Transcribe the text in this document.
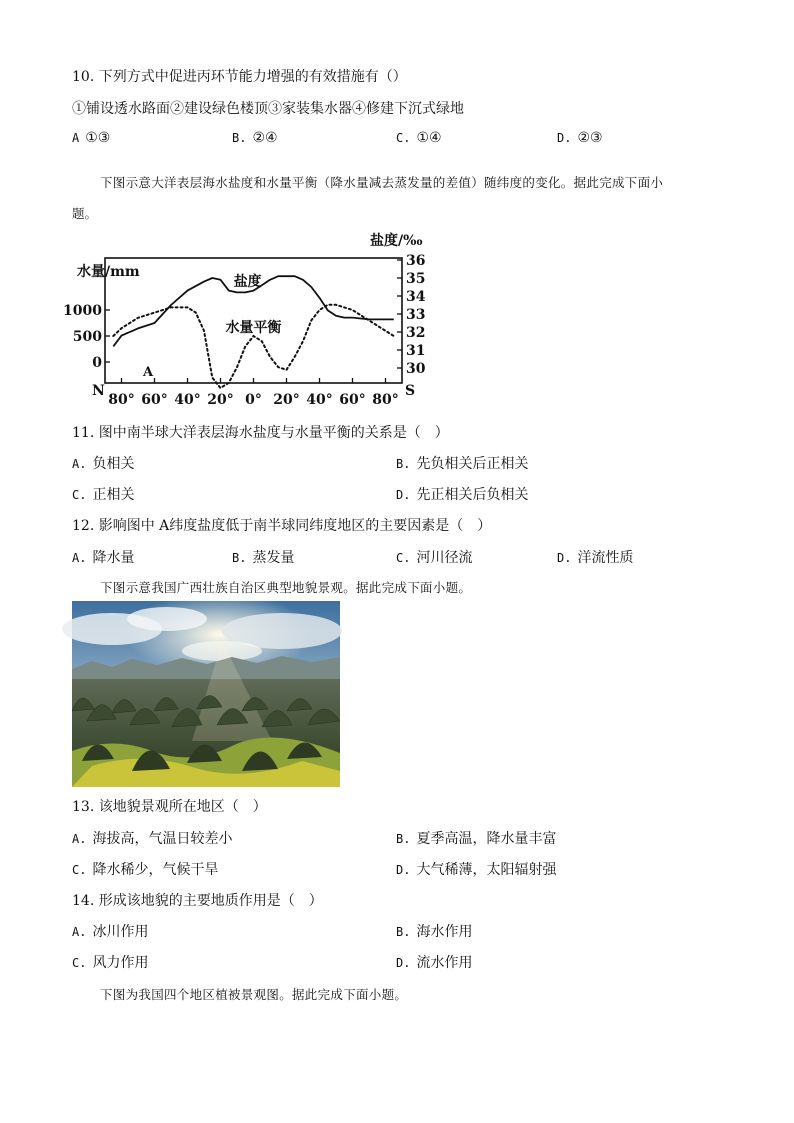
10. 下列方式中促进丙环节能力增强的有效措施有（）
①铺设透水路面②建设绿色楼顶③家装集水器④修建下沉式绿地
A ①③	B. ②④	C. ①④	D. ②③
下图示意大洋表层海水盐度和水量平衡（降水量减去蒸发量的差值）随纬度的变化。据此完成下面小
题。
1000
500
0
水量/mm
36
35
34
33
32
31
30
盐度/‰
80° 60° 40° 20° 0° 20° 40° 60° 80°
N	S
A
盐度
水量平衡
11. 图中南半球大洋表层海水盐度与水量平衡的关系是（　）
A. 负相关	B. 先负相关后正相关
C. 正相关	D. 先正相关后负相关
12. 影响图中 A纬度盐度低于南半球同纬度地区的主要因素是（　）
A. 降水量	B. 蒸发量	C. 河川径流	D. 洋流性质
下图示意我国广西壮族自治区典型地貌景观。据此完成下面小题。
13. 该地貌景观所在地区（　）
A. 海拔高，气温日较差小	B. 夏季高温，降水量丰富
C. 降水稀少，气候干旱	D. 大气稀薄，太阳辐射强
14. 形成该地貌的主要地质作用是（　）
A. 冰川作用	B. 海水作用
C. 风力作用	D. 流水作用
下图为我国四个地区植被景观图。据此完成下面小题。
